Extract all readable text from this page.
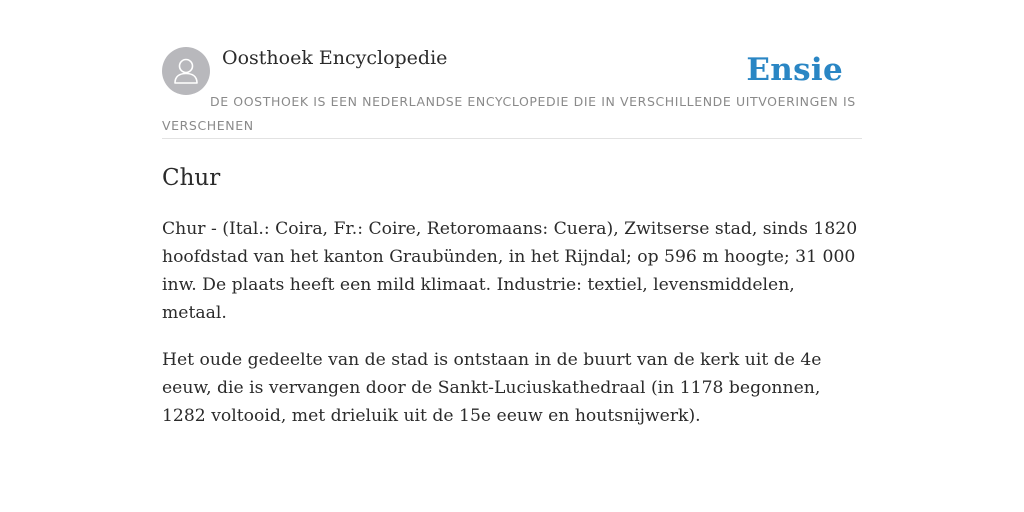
Oosthoek Encyclopedie	Ensie
DE OOSTHOEK IS EEN NEDERLANDSE ENCYCLOPEDIE DIE IN VERSCHILLENDE UITVOERINGEN IS VERSCHENEN
Chur

Chur - (Ital.: Coira, Fr.: Coire, Retoromaans: Cuera), Zwitserse stad, sinds 1820 hoofdstad van het kanton Graubünden, in het Rijndal; op 596 m hoogte; 31 000 inw. De plaats heeft een mild klimaat. Industrie: textiel, levensmiddelen, metaal.

Het oude gedeelte van de stad is ontstaan in de buurt van de kerk uit de 4e eeuw, die is vervangen door de Sankt-Luciuskathedraal (in 1178 begonnen, 1282 voltooid, met drieluik uit de 15e eeuw en houtsnijwerk).
